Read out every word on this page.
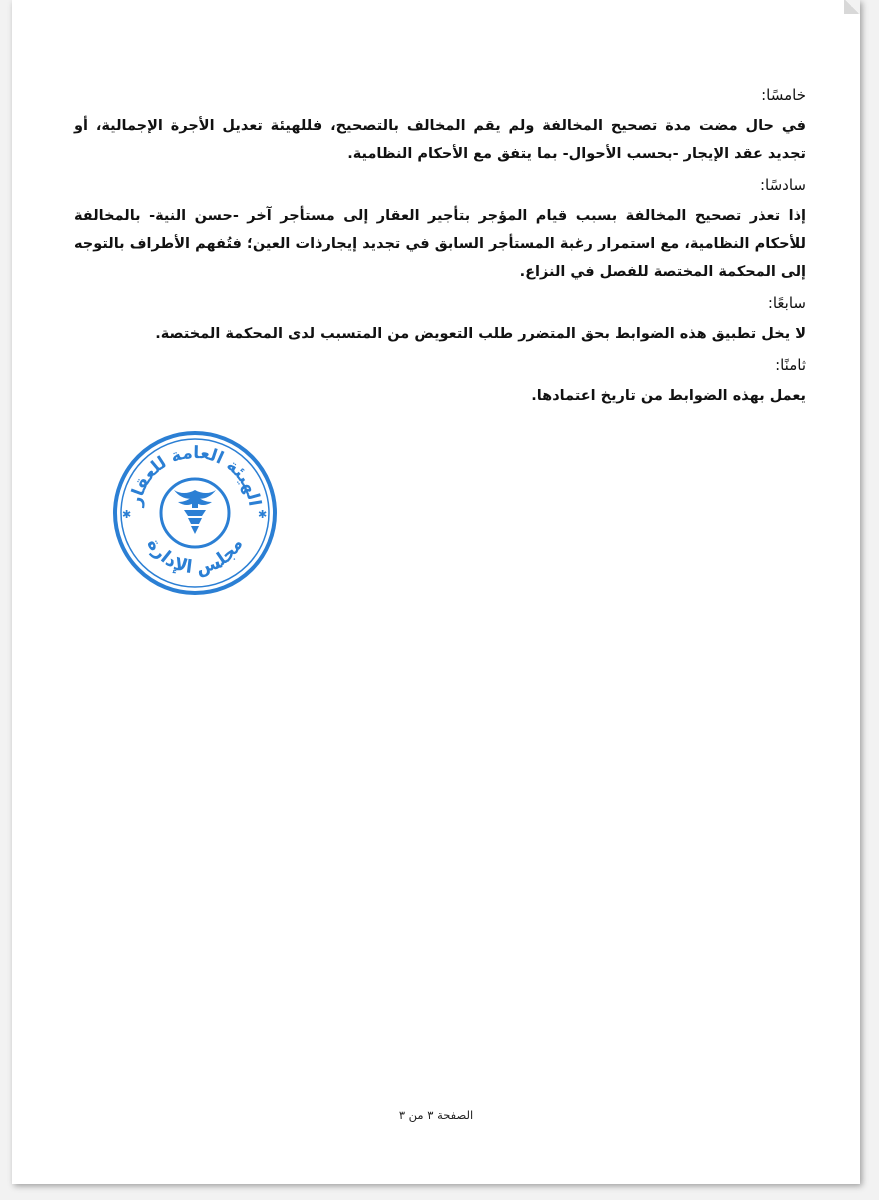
خامسًا:
في حال مضت مدة تصحيح المخالفة ولم يقم المخالف بالتصحيح، فللهيئة تعديل الأجرة الإجمالية، أو تجديد عقد الإيجار -بحسب الأحوال- بما يتفق مع الأحكام النظامية.
سادسًا:
إذا تعذر تصحيح المخالفة بسبب قيام المؤجر بتأجير العقار إلى مستأجر آخر -حسن النية- بالمخالفة للأحكام النظامية، مع استمرار رغبة المستأجر السابق في تجديد إيجارذات العين؛ فتُفهم الأطراف بالتوجه إلى المحكمة المختصة للفصل في النزاع.
سابعًا:
لا يخل تطبيق هذه الضوابط بحق المتضرر طلب التعويض من المتسبب لدى المحكمة المختصة.
ثامنًا:
يعمل بهذه الضوابط من تاريخ اعتمادها.
الهيئة العامة للعقار
مجلس الإدارة
✱	✱
الصفحة ٣ من ٣
